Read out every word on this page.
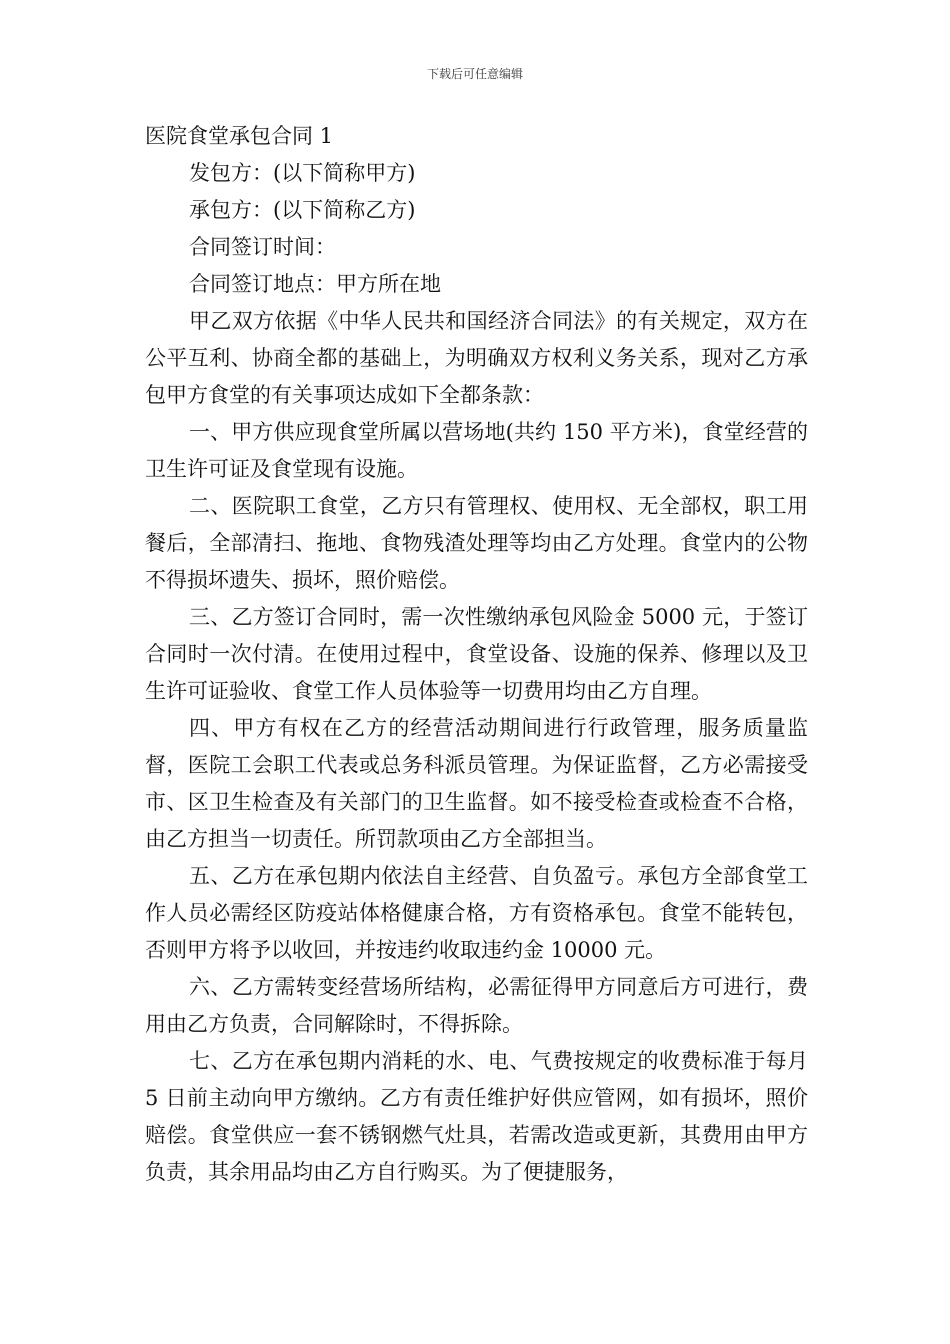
下载后可任意编辑

医院食堂承包合同 1

发包方：(以下简称甲方)

承包方：(以下简称乙方)

合同签订时间：

合同签订地点：甲方所在地

甲乙双方依据《中华人民共和国经济合同法》的有关规定，双方在公平互利、协商全都的基础上，为明确双方权利义务关系，现对乙方承包甲方食堂的有关事项达成如下全都条款：

一、甲方供应现食堂所属以营场地(共约 150 平方米)，食堂经营的卫生许可证及食堂现有设施。

二、医院职工食堂，乙方只有管理权、使用权、无全部权，职工用餐后，全部清扫、拖地、食物残渣处理等均由乙方处理。食堂内的公物不得损坏遗失、损坏，照价赔偿。

三、乙方签订合同时，需一次性缴纳承包风险金 5000 元，于签订合同时一次付清。在使用过程中，食堂设备、设施的保养、修理以及卫生许可证验收、食堂工作人员体验等一切费用均由乙方自理。

四、甲方有权在乙方的经营活动期间进行行政管理，服务质量监督，医院工会职工代表或总务科派员管理。为保证监督，乙方必需接受市、区卫生检查及有关部门的卫生监督。如不接受检查或检查不合格，由乙方担当一切责任。所罚款项由乙方全部担当。

五、乙方在承包期内依法自主经营、自负盈亏。承包方全部食堂工作人员必需经区防疫站体格健康合格，方有资格承包。食堂不能转包，否则甲方将予以收回，并按违约收取违约金 10000 元。

六、乙方需转变经营场所结构，必需征得甲方同意后方可进行，费用由乙方负责，合同解除时，不得拆除。

七、乙方在承包期内消耗的水、电、气费按规定的收费标准于每月 5 日前主动向甲方缴纳。乙方有责任维护好供应管网，如有损坏，照价赔偿。食堂供应一套不锈钢燃气灶具，若需改造或更新，其费用由甲方负责，其余用品均由乙方自行购买。为了便捷服务，
